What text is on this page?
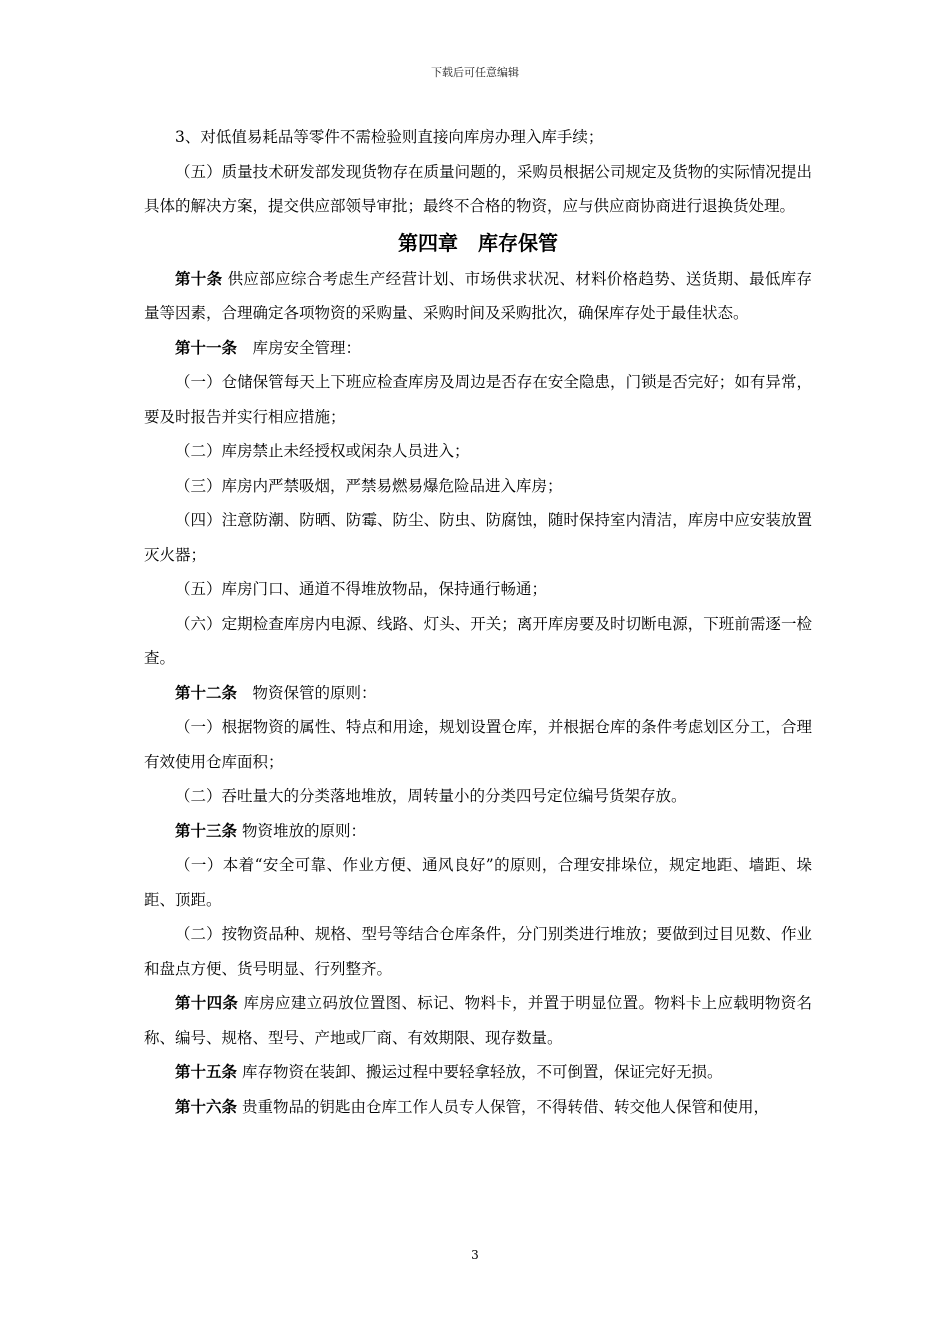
下载后可任意编辑

3、对低值易耗品等零件不需检验则直接向库房办理入库手续；

（五）质量技术研发部发现货物存在质量问题的，采购员根据公司规定及货物的实际情况提出具体的解决方案，提交供应部领导审批；最终不合格的物资，应与供应商协商进行退换货处理。

第四章　库存保管

第十条 供应部应综合考虑生产经营计划、市场供求状况、材料价格趋势、送货期、最低库存量等因素，合理确定各项物资的采购量、采购时间及采购批次，确保库存处于最佳状态。

第十一条　库房安全管理：

（一）仓储保管每天上下班应检查库房及周边是否存在安全隐患，门锁是否完好；如有异常，要及时报告并实行相应措施；

（二）库房禁止未经授权或闲杂人员进入；

（三）库房内严禁吸烟，严禁易燃易爆危险品进入库房；

（四）注意防潮、防晒、防霉、防尘、防虫、防腐蚀，随时保持室内清洁，库房中应安装放置灭火器；

（五）库房门口、通道不得堆放物品，保持通行畅通；

（六）定期检查库房内电源、线路、灯头、开关；离开库房要及时切断电源，下班前需逐一检查。

第十二条　物资保管的原则：

（一）根据物资的属性、特点和用途，规划设置仓库，并根据仓库的条件考虑划区分工，合理有效使用仓库面积；

（二）吞吐量大的分类落地堆放，周转量小的分类四号定位编号货架存放。

第十三条 物资堆放的原则：

（一）本着“安全可靠、作业方便、通风良好”的原则，合理安排垛位，规定地距、墙距、垛距、顶距。

（二）按物资品种、规格、型号等结合仓库条件，分门别类进行堆放；要做到过目见数、作业和盘点方便、货号明显、行列整齐。

第十四条 库房应建立码放位置图、标记、物料卡，并置于明显位置。物料卡上应载明物资名称、编号、规格、型号、产地或厂商、有效期限、现存数量。

第十五条 库存物资在装卸、搬运过程中要轻拿轻放，不可倒置，保证完好无损。

第十六条 贵重物品的钥匙由仓库工作人员专人保管，不得转借、转交他人保管和使用，

3
